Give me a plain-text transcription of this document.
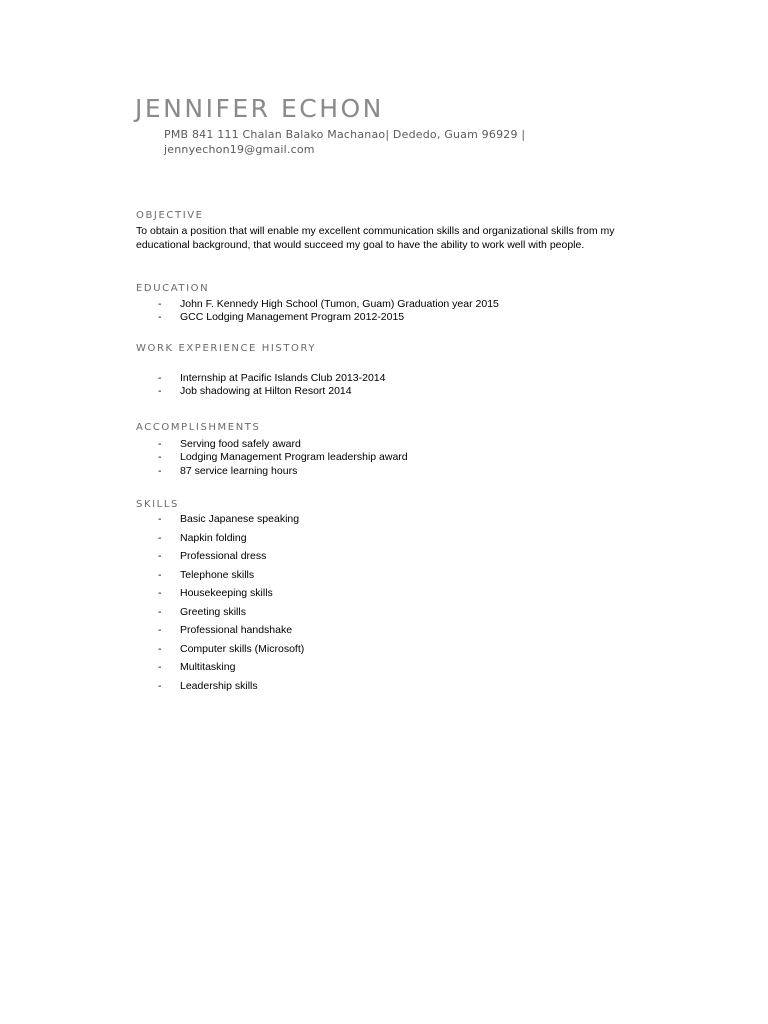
JENNIFER ECHON
PMB 841 111 Chalan Balako Machanao| Dededo, Guam 96929 |
jennyechon19@gmail.com
OBJECTIVE
To obtain a position that will enable my excellent communication skills and organizational skills from my educational background, that would succeed my goal to have the ability to work well with people.
EDUCATION
- John F. Kennedy High School (Tumon, Guam) Graduation year 2015
- GCC Lodging Management Program 2012-2015
WORK EXPERIENCE HISTORY
- Internship at Pacific Islands Club 2013-2014
- Job shadowing at Hilton Resort 2014
ACCOMPLISHMENTS
- Serving food safely award
- Lodging Management Program leadership award
- 87 service learning hours
SKILLS
- Basic Japanese speaking
- Napkin folding
- Professional dress
- Telephone skills
- Housekeeping skills
- Greeting skills
- Professional handshake
- Computer skills (Microsoft)
- Multitasking
- Leadership skills
